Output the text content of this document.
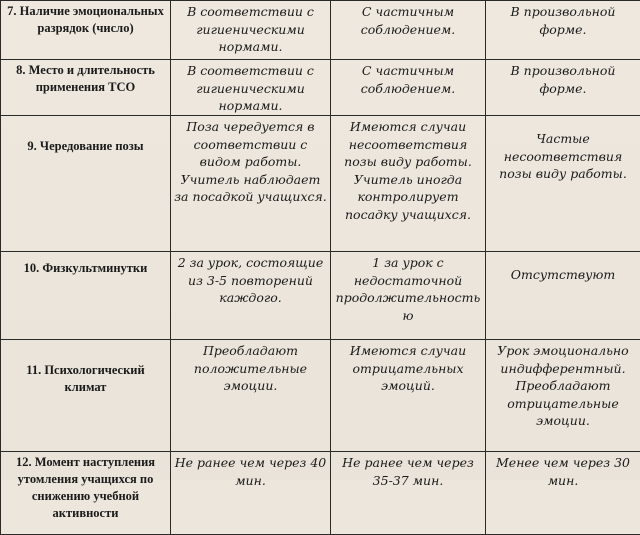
7. Наличие эмоциональных разрядок (число)	В соответствии с гигиеническими нормами.	С частичным соблюдением.	В произвольной форме.
8. Место и длительность применения ТСО	В соответствии с гигиеническими нормами.	С частичным соблюдением.	В произвольной форме.
9. Чередование позы	Поза чередуется в соответствии с видом работы. Учитель наблюдает за посадкой учащихся.	Имеются случаи несоответствия позы виду работы. Учитель иногда контролирует посадку учащихся.	Частые несоответствия позы виду работы.
10. Физкультминутки	2 за урок, состоящие из 3-5 повторений каждого.	1 за урок с недостаточной продолжительностью	Отсутствуют
11. Психологический климат	Преобладают положительные эмоции.	Имеются случаи отрицательных эмоций.	Урок эмоционально индифферентный. Преобладают отрицательные эмоции.
12. Момент наступления утомления учащихся по снижению учебной активности	Не ранее чем через 40 мин.	Не ранее чем через 35-37 мин.	Менее чем через 30 мин.
